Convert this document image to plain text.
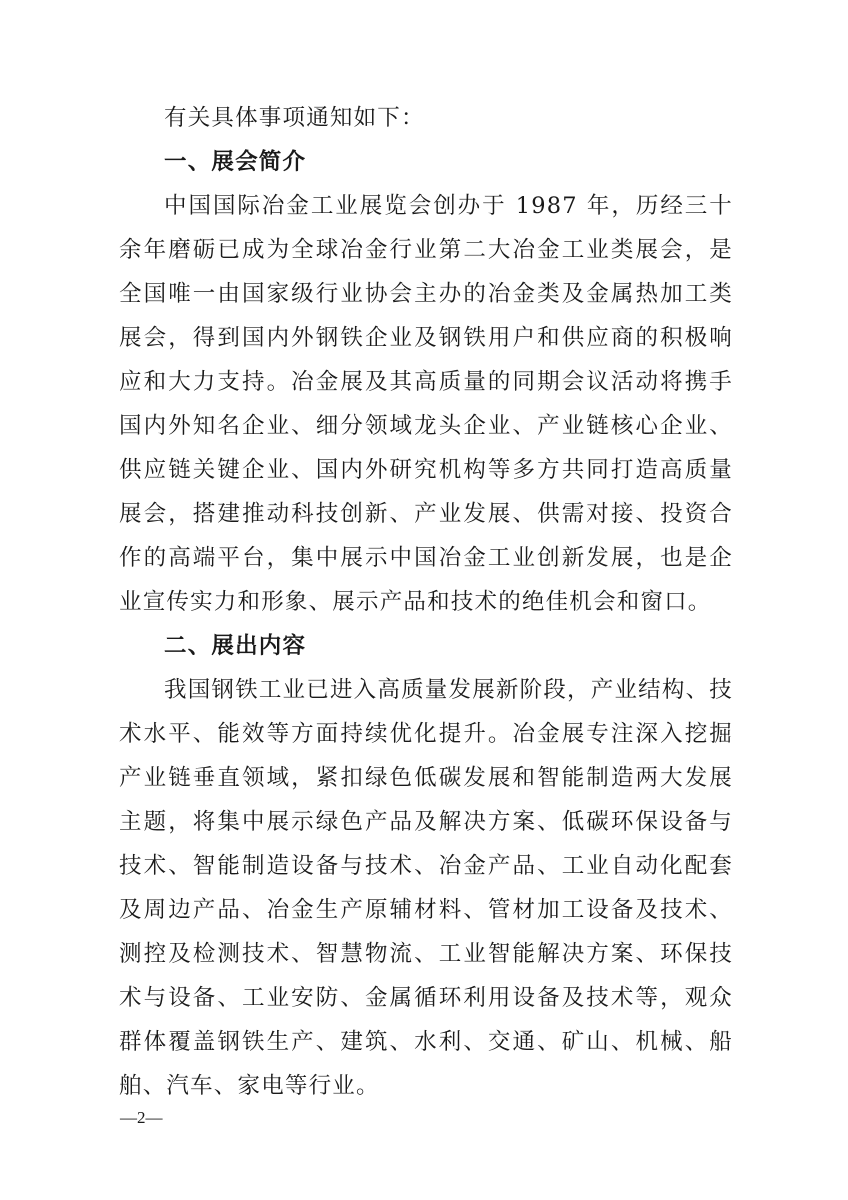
有关具体事项通知如下：

一、展会简介

中国国际冶金工业展览会创办于 1987 年，历经三十余年磨砺已成为全球冶金行业第二大冶金工业类展会，是全国唯一由国家级行业协会主办的冶金类及金属热加工类展会，得到国内外钢铁企业及钢铁用户和供应商的积极响应和大力支持。冶金展及其高质量的同期会议活动将携手国内外知名企业、细分领域龙头企业、产业链核心企业、供应链关键企业、国内外研究机构等多方共同打造高质量展会，搭建推动科技创新、产业发展、供需对接、投资合作的高端平台，集中展示中国冶金工业创新发展，也是企业宣传实力和形象、展示产品和技术的绝佳机会和窗口。

二、展出内容

我国钢铁工业已进入高质量发展新阶段，产业结构、技术水平、能效等方面持续优化提升。冶金展专注深入挖掘产业链垂直领域，紧扣绿色低碳发展和智能制造两大发展主题，将集中展示绿色产品及解决方案、低碳环保设备与技术、智能制造设备与技术、冶金产品、工业自动化配套及周边产品、冶金生产原辅材料、管材加工设备及技术、测控及检测技术、智慧物流、工业智能解决方案、环保技术与设备、工业安防、金属循环利用设备及技术等，观众群体覆盖钢铁生产、建筑、水利、交通、矿山、机械、船舶、汽车、家电等行业。

—2—
